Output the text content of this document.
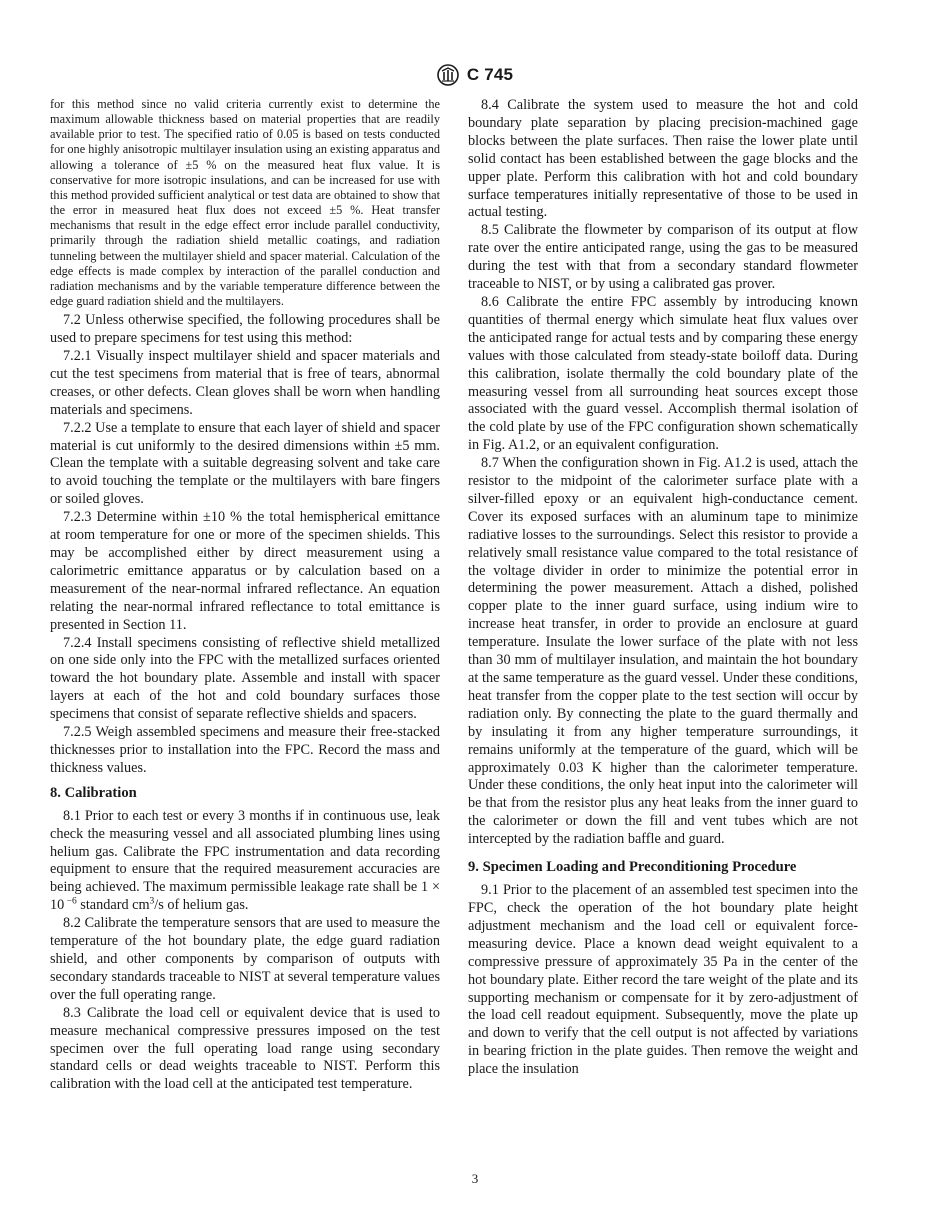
C 745

for this method since no valid criteria currently exist to determine the maximum allowable thickness based on material properties that are readily available prior to test. The specified ratio of 0.05 is based on tests conducted for one highly anisotropic multilayer insulation using an existing apparatus and allowing a tolerance of ±5 % on the measured heat flux value. It is conservative for more isotropic insulations, and can be increased for use with this method provided sufficient analytical or test data are obtained to show that the error in measured heat flux does not exceed ±5 %. Heat transfer mechanisms that result in the edge effect error include parallel conductivity, primarily through the radiation shield metallic coatings, and radiation tunneling between the multilayer shield and spacer material. Calculation of the edge effects is made complex by interaction of the parallel conduction and radiation mechanisms and by the variable temperature difference between the edge guard radiation shield and the multilayers.

7.2 Unless otherwise specified, the following procedures shall be used to prepare specimens for test using this method:

7.2.1 Visually inspect multilayer shield and spacer materials and cut the test specimens from material that is free of tears, abnormal creases, or other defects. Clean gloves shall be worn when handling materials and specimens.

7.2.2 Use a template to ensure that each layer of shield and spacer material is cut uniformly to the desired dimensions within ±5 mm. Clean the template with a suitable degreasing solvent and take care to avoid touching the template or the multilayers with bare fingers or soiled gloves.

7.2.3 Determine within ±10 % the total hemispherical emittance at room temperature for one or more of the specimen shields. This may be accomplished either by direct measurement using a calorimetric emittance apparatus or by calculation based on a measurement of the near-normal infrared reflectance. An equation relating the near-normal infrared reflectance to total emittance is presented in Section 11.

7.2.4 Install specimens consisting of reflective shield metallized on one side only into the FPC with the metallized surfaces oriented toward the hot boundary plate. Assemble and install with spacer layers at each of the hot and cold boundary surfaces those specimens that consist of separate reflective shields and spacers.

7.2.5 Weigh assembled specimens and measure their free-stacked thicknesses prior to installation into the FPC. Record the mass and thickness values.

8. Calibration

8.1 Prior to each test or every 3 months if in continuous use, leak check the measuring vessel and all associated plumbing lines using helium gas. Calibrate the FPC instrumentation and data recording equipment to ensure that the required measurement accuracies are being achieved. The maximum permissible leakage rate shall be 1 × 10 $^{-6}$ standard $cm^3/s$ of helium gas.

8.2 Calibrate the temperature sensors that are used to measure the temperature of the hot boundary plate, the edge guard radiation shield, and other components by comparison of outputs with secondary standards traceable to NIST at several temperature values over the full operating range.

8.3 Calibrate the load cell or equivalent device that is used to measure mechanical compressive pressures imposed on the test specimen over the full operating load range using secondary standard cells or dead weights traceable to NIST. Perform this calibration with the load cell at the anticipated test temperature.

8.4 Calibrate the system used to measure the hot and cold boundary plate separation by placing precision-machined gage blocks between the plate surfaces. Then raise the lower plate until solid contact has been established between the gage blocks and the upper plate. Perform this calibration with hot and cold boundary surface temperatures initially representative of those to be used in actual testing.

8.5 Calibrate the flowmeter by comparison of its output at flow rate over the entire anticipated range, using the gas to be measured during the test with that from a secondary standard flowmeter traceable to NIST, or by using a calibrated gas prover.

8.6 Calibrate the entire FPC assembly by introducing known quantities of thermal energy which simulate heat flux values over the anticipated range for actual tests and by comparing these energy values with those calculated from steady-state boiloff data. During this calibration, isolate thermally the cold boundary plate of the measuring vessel from all surrounding heat sources except those associated with the guard vessel. Accomplish thermal isolation of the cold plate by use of the FPC configuration shown schematically in Fig. A1.2, or an equivalent configuration.

8.7 When the configuration shown in Fig. A1.2 is used, attach the resistor to the midpoint of the calorimeter surface plate with a silver-filled epoxy or an equivalent high-conductance cement. Cover its exposed surfaces with an aluminum tape to minimize radiative losses to the surroundings. Select this resistor to provide a relatively small resistance value compared to the total resistance of the voltage divider in order to minimize the potential error in determining the power measurement. Attach a dished, polished copper plate to the inner guard surface, using indium wire to increase heat transfer, in order to provide an enclosure at guard temperature. Insulate the lower surface of the plate with not less than 30 mm of multilayer insulation, and maintain the hot boundary at the same temperature as the guard vessel. Under these conditions, heat transfer from the copper plate to the test section will occur by radiation only. By connecting the plate to the guard thermally and by insulating it from any higher temperature surroundings, it remains uniformly at the temperature of the guard, which will be approximately 0.03 K higher than the calorimeter temperature. Under these conditions, the only heat input into the calorimeter will be that from the resistor plus any heat leaks from the inner guard to the calorimeter or down the fill and vent tubes which are not intercepted by the radiation baffle and guard.

9. Specimen Loading and Preconditioning Procedure

9.1 Prior to the placement of an assembled test specimen into the FPC, check the operation of the hot boundary plate height adjustment mechanism and the load cell or equivalent force-measuring device. Place a known dead weight equivalent to a compressive pressure of approximately 35 Pa in the center of the hot boundary plate. Either record the tare weight of the plate and its supporting mechanism or compensate for it by zero-adjustment of the load cell readout equipment. Subsequently, move the plate up and down to verify that the cell output is not affected by variations in bearing friction in the plate guides. Then remove the weight and place the insulation

3
